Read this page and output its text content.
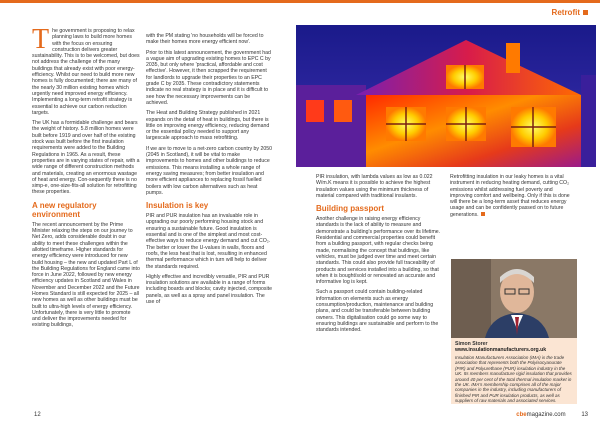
Retrofit

The government is proposing to relax planning laws to build more homes with the focus on ensuring construction delivers greater sustainability. This is to be welcomed, but does not address the challenge of the many buildings that already exist with poor energy-efficiency. Whilst our need to build more new homes is fully documented; there are many of the nearly 30 million existing homes which urgently need improved energy efficiency. Implementing a long-term retrofit strategy is essential to achieve our carbon reduction targets.

The UK has a formidable challenge and bears the weight of history. 5.8 million homes were built before 1919 and over half of the existing stock was built before the first insulation requirements were added to the Building Regulations in 1965. As a result, these properties are in varying states of repair, with a wide range of different construction methods and materials, creating an enormous wastage of heat and energy. Con-sequently there is no simp-e, one-size-fits-all solution for retrofitting these properties.

A new regulatory environment

The recent announcement by the Prime Minister relaxing the steps on our journey to Net Zero, adds considerable doubt in our ability to meet these challenges within the allotted timeframe. Higher standards for energy efficiency were introduced for new build housing – the new and updated Part L of the Building Regulations for England came into force in June 2022, followed by new energy efficiency updates in Scotland and Wales in November and December 2022 and the Future Homes Standard is still expected for 2025 – all new homes as well as other buildings must be built to ultra-high levels of energy efficiency. Unfortunately, there is very little to promote and deliver the improvements needed for existing buildings,

with the PM stating 'no households will be forced to make their homes more energy efficient now'.

Prior to this latest announcement, the government had a vague aim of upgrading existing homes to EPC C by 2035, but only where 'practical, affordable and cost effective'. However, it then scrapped the requirement for landlords to upgrade their properties to an EPC grade C by 2035. These contradictory statements indicate no real strategy is in place and it is difficult to see how the necessary improvements can be achieved.

The Heat and Building Strategy published in 2021 expands on the detail of heat in buildings, but there is little on improving energy efficiency, reducing demand or the essential policy needed to support any largescale approach to mass retrofitting.

If we are to move to a net-zero carbon country by 2050 (2045 in Scotland), it will be vital to make improvements to homes and other buildings to reduce emissions. This means installing a whole range of energy saving measures; from better insulation and more efficient appliances to replacing fossil fuelled boilers with low carbon alternatives such as heat pumps.

Insulation is key

PIR and PUR insulation has an invaluable role in upgrading our poorly performing housing stock and ensuring a sustainable future. Good insulation is essential and is one of the simplest and most cost-effective ways to reduce energy demand and cut CO₂. The better or lower the U-values in walls, floors and roofs, the less heat that is lost, resulting in enhanced thermal performance which in turn will help to deliver the standards required.

Highly effective and incredibly versatile, PIR and PUR insulation solutions are available in a range of forms including boards and blocks; cavity injected, composite panels, as well as a spray and panel insulation. The use of

PIR insulation, with lambda values as low as 0.022 W/m.K means it is possible to achieve the highest insulation values using the minimum thickness of material compared with traditional insulants.

Building passport

Another challenge in raising energy efficiency standards is the lack of ability to measure and demonstrate a building's performance over its lifetime. Residential and commercial properties could benefit from a building passport, with regular checks being made, normalising the concept that buildings, like vehicles, must be judged over time and meet certain standards. This could also provide full traceability of products and services installed into a building, so that when it is bought/sold or renovated an accurate and informative log is kept.

Such a passport could contain building-related information on elements such as energy consumption/production, maintenance and building plans, and could be transferable between building owners. This digitalisation could go some way to ensuring buildings are sustainable and perform to the standards intended.

Retrofitting insulation in our leaky homes is a vital instrument in reducing heating demand, cutting CO₂ emissions whilst addressing fuel poverty and improving comfort and wellbeing. Only if this is done will there be a long-term asset that reduces energy usage and can be confidently passed on to future generations.

Simon Storer
www.insulationmanufacturers.org.uk
Insulation Manufacturers Association (IMA) is the trade association that represents both the Polyisocyanurate (PIR) and Polyurethane (PUR) insulation industry in the UK. Its members manufacture rigid insulation that provides around 40 per cent of the total thermal insulation market in the UK. IMA's membership comprises all of the major companies in the industry, including manufacturers of finished PIR and PUR insulation products, as well as suppliers of raw materials and associated services.
12	cbemagazine.com	13
